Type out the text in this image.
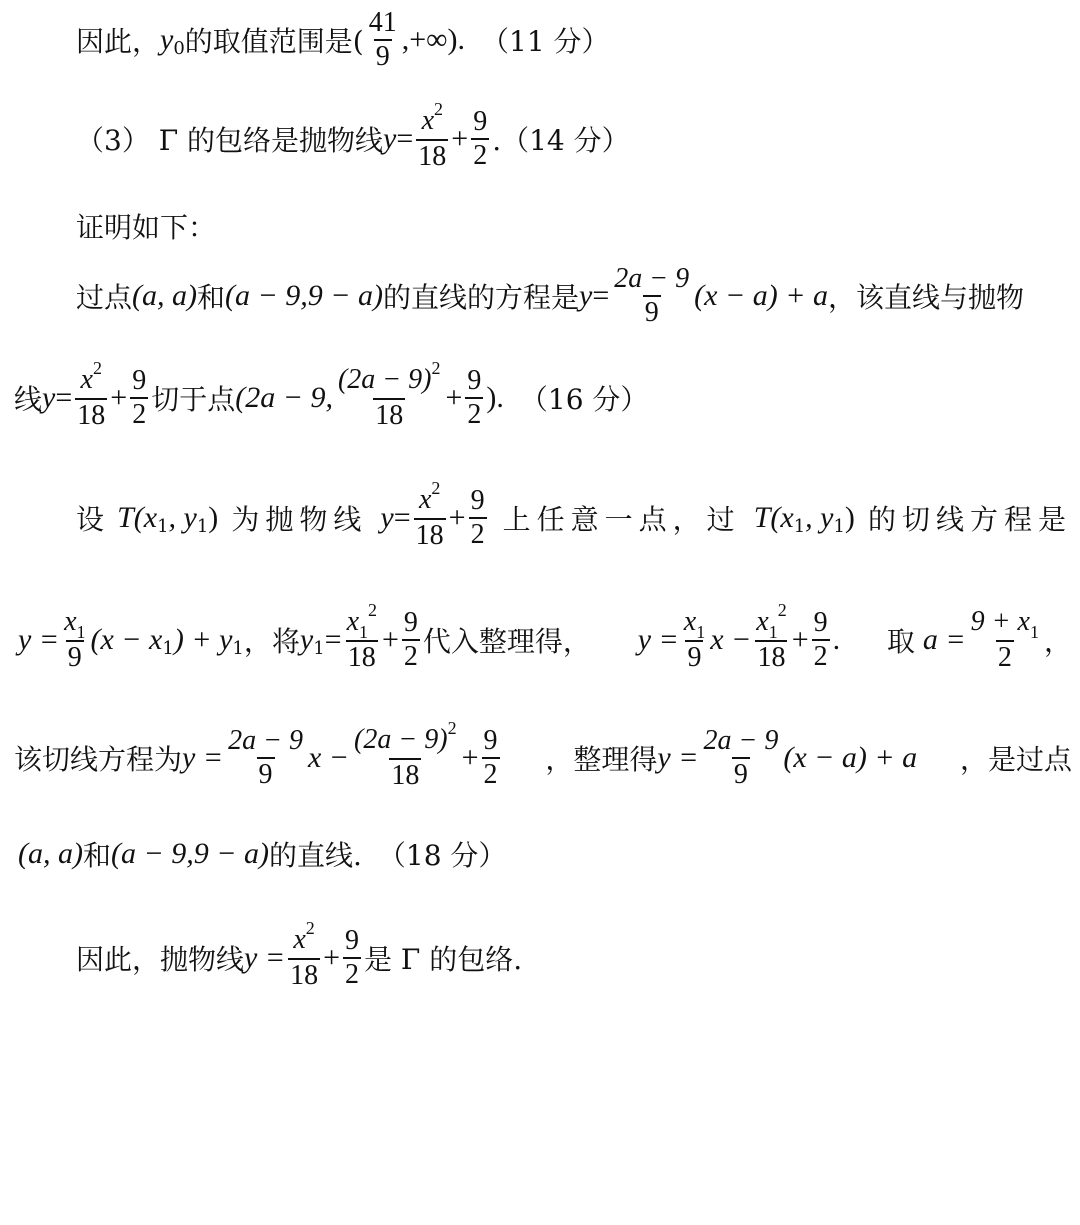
因此， y 0 的取值范围是( $\frac{41}{9}$ ,+∞). （11 分）
（3） Γ 的包络是抛物线 $y = \frac{x^2}{18} + \frac{9}{2} .(14$ 分）
证明如下：
过点 (a, a) 和 (a − 9,9 − a) 的直线的方程是 $y = \frac{2a - 9}{9} (x - a) + a$ ，该直线与抛物
线 $y = \frac{x^2}{18} + \frac{9}{2}$ 切于点 (2a − 9, $\frac{(2a - 9)^2}{18} + \frac{9}{2}$ ). （16 分）
设 T(x 1 , y 1 ) 为抛物线 $y = \frac{x^2}{18} + \frac{9}{2}$ 上任意一点，过 T(x 1 , y 1 ) 的切线方程是
$y = \frac{x_1}{9} (x - x$ 1 ) + y 1 ，将 y $1 = \frac{x_1^2}{18} + \frac{9}{2}$ 代入整理得， $y = \frac{x_1}{9}$ $x - \frac{x_1^2}{18} + \frac{9}{2}$ . 取 $a = \frac{9 + x_1}{2}$ ，
该切线方程为 $y = \frac{2a - 9}{9}$ $x - \frac{(2a - 9)^2}{18} + \frac{9}{2}$ ，整理得 $y = \frac{2a - 9}{9} (x - a) + a$ ，是过点
(a, a) 和 (a − 9,9 − a) 的直线. （18 分）
因此，抛物线 $y = \frac{x^2}{18} + \frac{9}{2}$ 是 Γ 的包络.
